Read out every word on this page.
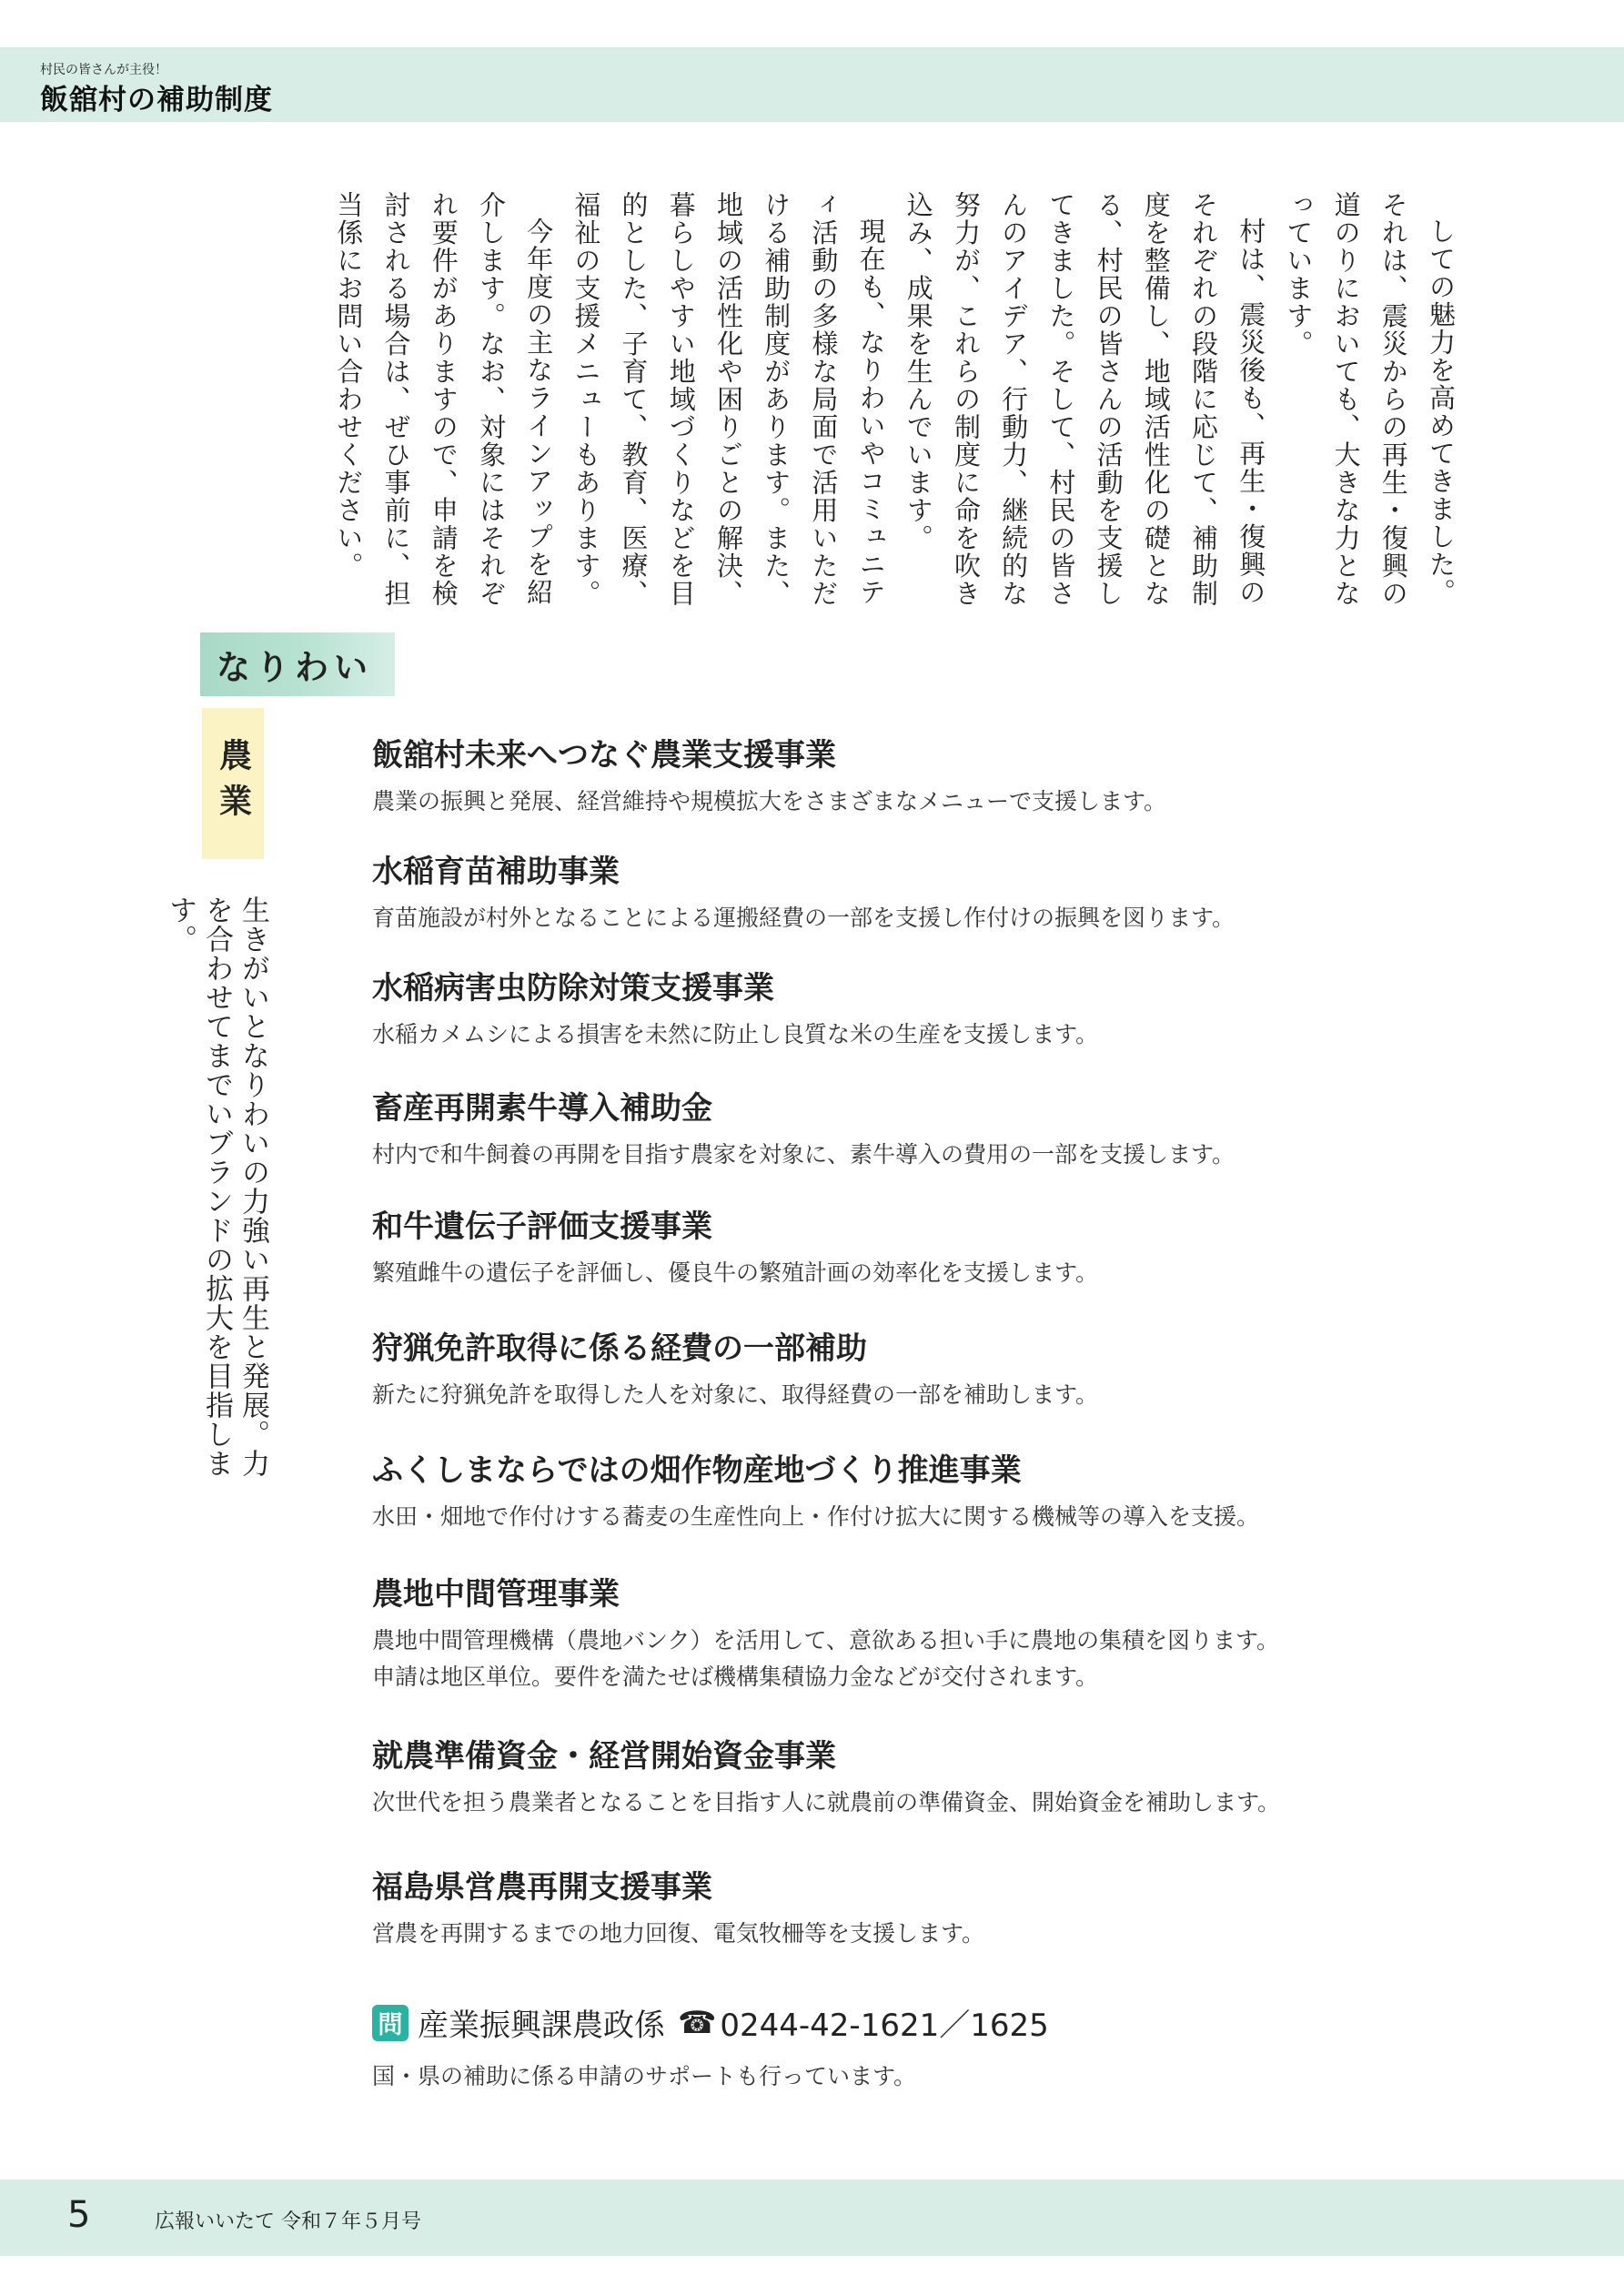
村民の皆さんが主役！
飯舘村の補助制度

しての魅力を高めてきました。それは、震災からの再生・復興の道のりにおいても、大きな力となっています。

村は、震災後も、再生・復興のそれぞれの段階に応じて、補助制度を整備し、地域活性化の礎となる、村民の皆さんの活動を支援してきました。そして、村民の皆さんのアイデア、行動力、継続的な努力が、これらの制度に命を吹き込み、成果を生んでいます。

現在も、なりわいやコミュニティ活動の多様な局面で活用いただける補助制度があります。また、地域の活性化や困りごとの解決、暮らしやすい地域づくりなどを目的とした、子育て、教育、医療、福祉の支援メニューもあります。

今年度の主なラインアップを紹介します。なお、対象にはそれぞれ要件がありますので、申請を検討される場合は、ぜひ事前に、担当係にお問い合わせください。

なりわい
農業
生きがいとなりわいの力強い再生と発展。力を合わせてまでいブランドの拡大を目指します。
飯舘村未来へつなぐ農業支援事業
農業の振興と発展、経営維持や規模拡大をさまざまなメニューで支援します。
水稲育苗補助事業
育苗施設が村外となることによる運搬経費の一部を支援し作付けの振興を図ります。
水稲病害虫防除対策支援事業
水稲カメムシによる損害を未然に防止し良質な米の生産を支援します。
畜産再開素牛導入補助金
村内で和牛飼養の再開を目指す農家を対象に、素牛導入の費用の一部を支援します。
和牛遺伝子評価支援事業
繁殖雌牛の遺伝子を評価し、優良牛の繁殖計画の効率化を支援します。
狩猟免許取得に係る経費の一部補助
新たに狩猟免許を取得した人を対象に、取得経費の一部を補助します。
ふくしまならではの畑作物産地づくり推進事業
水田・畑地で作付けする蕎麦の生産性向上・作付け拡大に関する機械等の導入を支援。
農地中間管理事業
農地中間管理機構（農地バンク）を活用して、意欲ある担い手に農地の集積を図ります。
申請は地区単位。要件を満たせば機構集積協力金などが交付されます。
就農準備資金・経営開始資金事業
次世代を担う農業者となることを目指す人に就農前の準備資金、開始資金を補助します。
福島県営農再開支援事業
営農を再開するまでの地力回復、電気牧柵等を支援します。
問 産業振興課農政係 ☎ 0244-42-1621／1625
国・県の補助に係る申請のサポートも行っています。
5	広報いいたて 令和７年５月号
